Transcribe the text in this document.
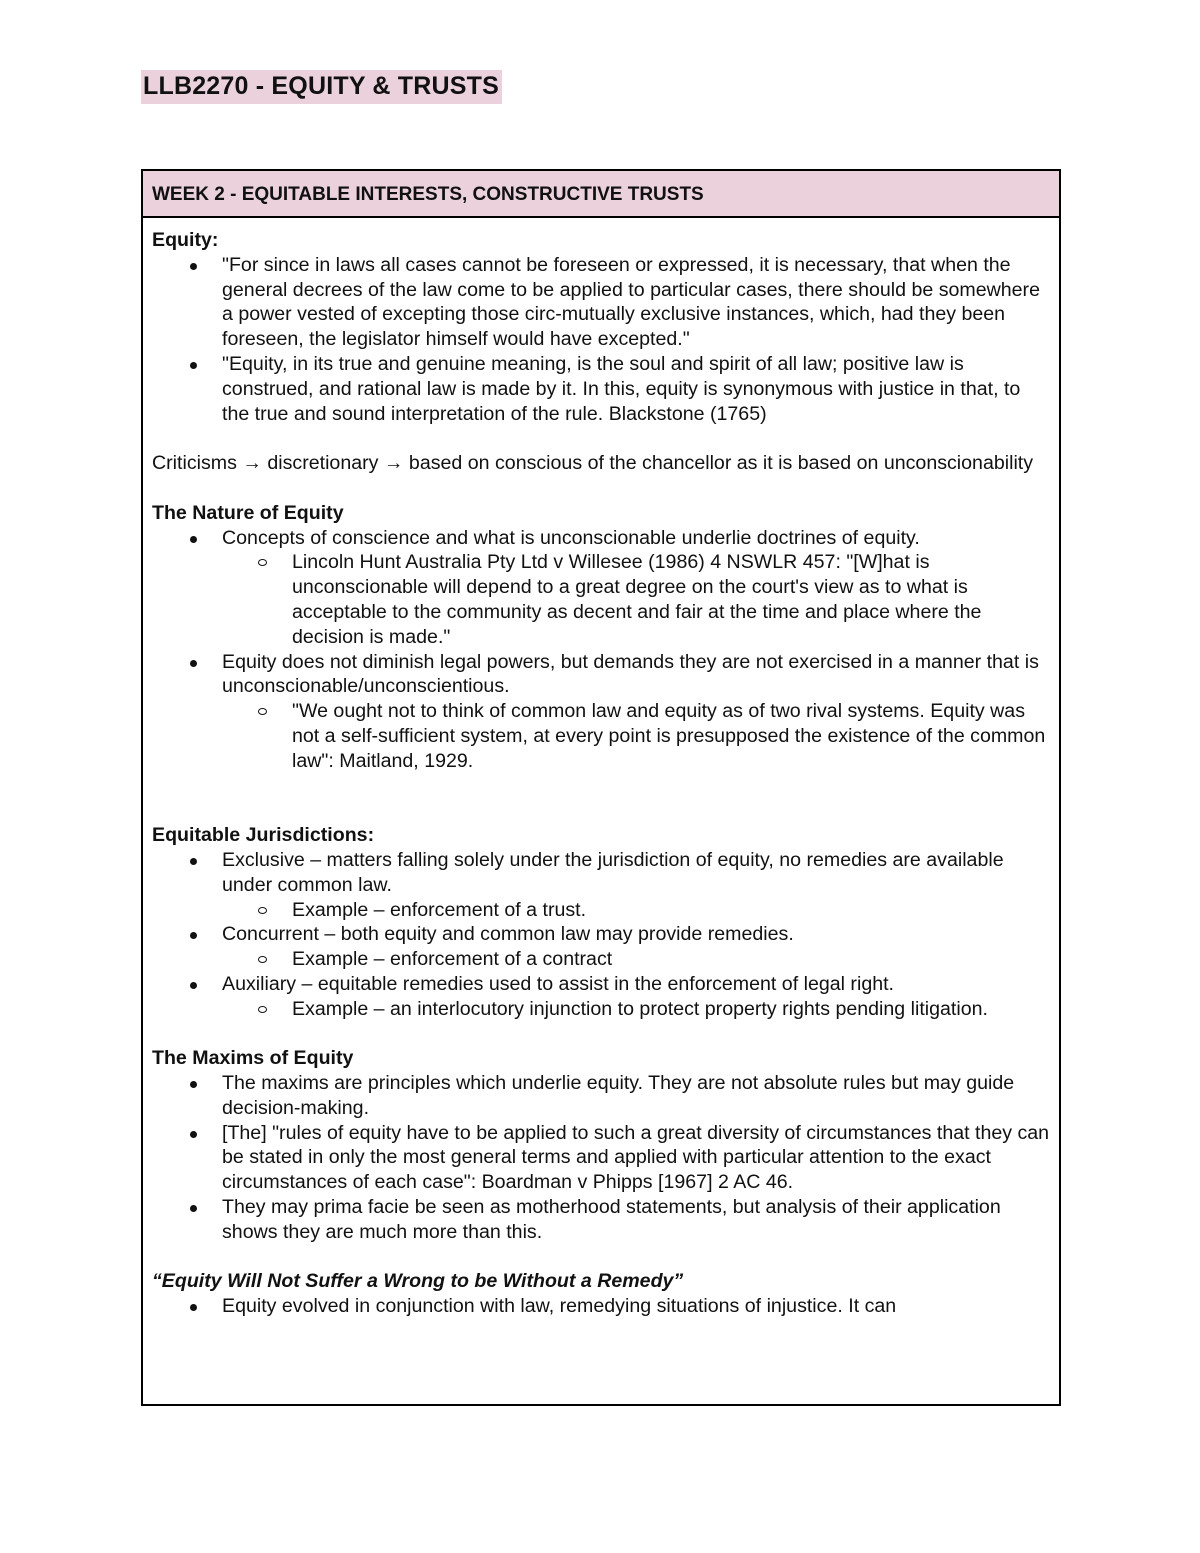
LLB2270 - EQUITY & TRUSTS
WEEK 2 - EQUITABLE INTERESTS, CONSTRUCTIVE TRUSTS

Equity:

"For since in laws all cases cannot be foreseen or expressed, it is necessary, that when the general decrees of the law come to be applied to particular cases, there should be somewhere a power vested of excepting those circ-mutually exclusive instances, which, had they been foreseen, the legislator himself would have excepted."
"Equity, in its true and genuine meaning, is the soul and spirit of all law; positive law is construed, and rational law is made by it. In this, equity is synonymous with justice in that, to the true and sound interpretation of the rule. Blackstone (1765)

Criticisms → discretionary → based on conscious of the chancellor as it is based on unconscionability

The Nature of Equity

Concepts of conscience and what is unconscionable underlie doctrines of equity.
Lincoln Hunt Australia Pty Ltd v Willesee (1986) 4 NSWLR 457: "[W]hat is unconscionable will depend to a great degree on the court's view as to what is acceptable to the community as decent and fair at the time and place where the decision is made."
Equity does not diminish legal powers, but demands they are not exercised in a manner that is unconscionable/unconscientious.
"We ought not to think of common law and equity as of two rival systems. Equity was not a self-sufficient system, at every point is presupposed the existence of the common law": Maitland, 1929.

Equitable Jurisdictions:

Exclusive – matters falling solely under the jurisdiction of equity, no remedies are available under common law.
Example – enforcement of a trust.
Concurrent – both equity and common law may provide remedies.
Example – enforcement of a contract
Auxiliary – equitable remedies used to assist in the enforcement of legal right.
Example – an interlocutory injunction to protect property rights pending litigation.

The Maxims of Equity

The maxims are principles which underlie equity. They are not absolute rules but may guide decision-making.
[The] "rules of equity have to be applied to such a great diversity of circumstances that they can be stated in only the most general terms and applied with particular attention to the exact circumstances of each case": Boardman v Phipps [1967] 2 AC 46.
They may prima facie be seen as motherhood statements, but analysis of their application shows they are much more than this.

“Equity Will Not Suffer a Wrong to be Without a Remedy”

Equity evolved in conjunction with law, remedying situations of injustice. It can
